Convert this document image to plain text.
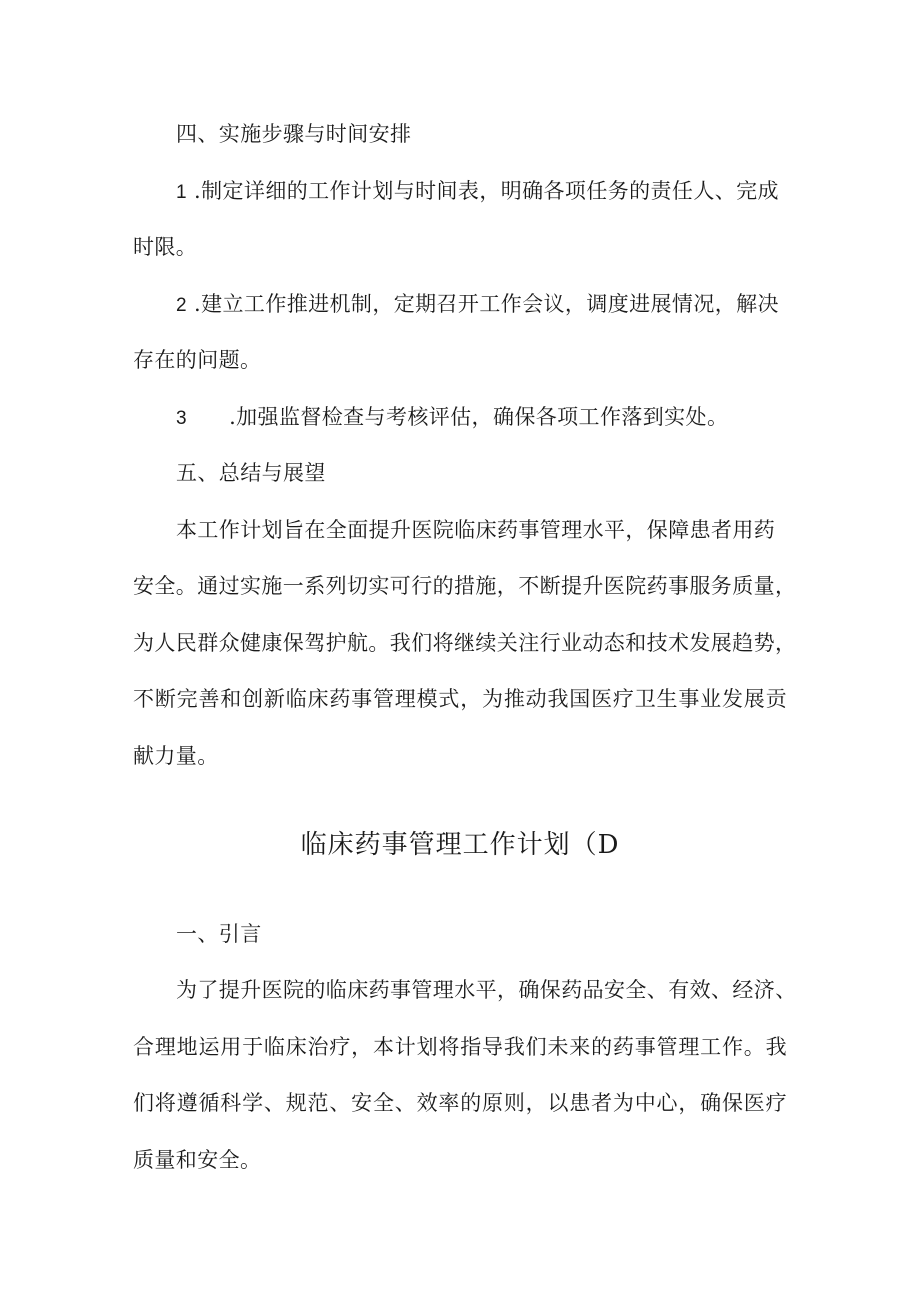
四、实施步骤与时间安排
1 .制定详细的工作计划与时间表，明确各项任务的责任人、完成
时限。
2 .建立工作推进机制，定期召开工作会议，调度进展情况，解决
存在的问题。
3 .加强监督检查与考核评估，确保各项工作落到实处。
五、总结与展望
本工作计划旨在全面提升医院临床药事管理水平，保障患者用药
安全。通过实施一系列切实可行的措施，不断提升医院药事服务质量，
为人民群众健康保驾护航。我们将继续关注行业动态和技术发展趋势，
不断完善和创新临床药事管理模式，为推动我国医疗卫生事业发展贡
献力量。
临床药事管理工作计划（D
一、引言
为了提升医院的临床药事管理水平，确保药品安全、有效、经济、
合理地运用于临床治疗，本计划将指导我们未来的药事管理工作。我
们将遵循科学、规范、安全、效率的原则，以患者为中心，确保医疗
质量和安全。
